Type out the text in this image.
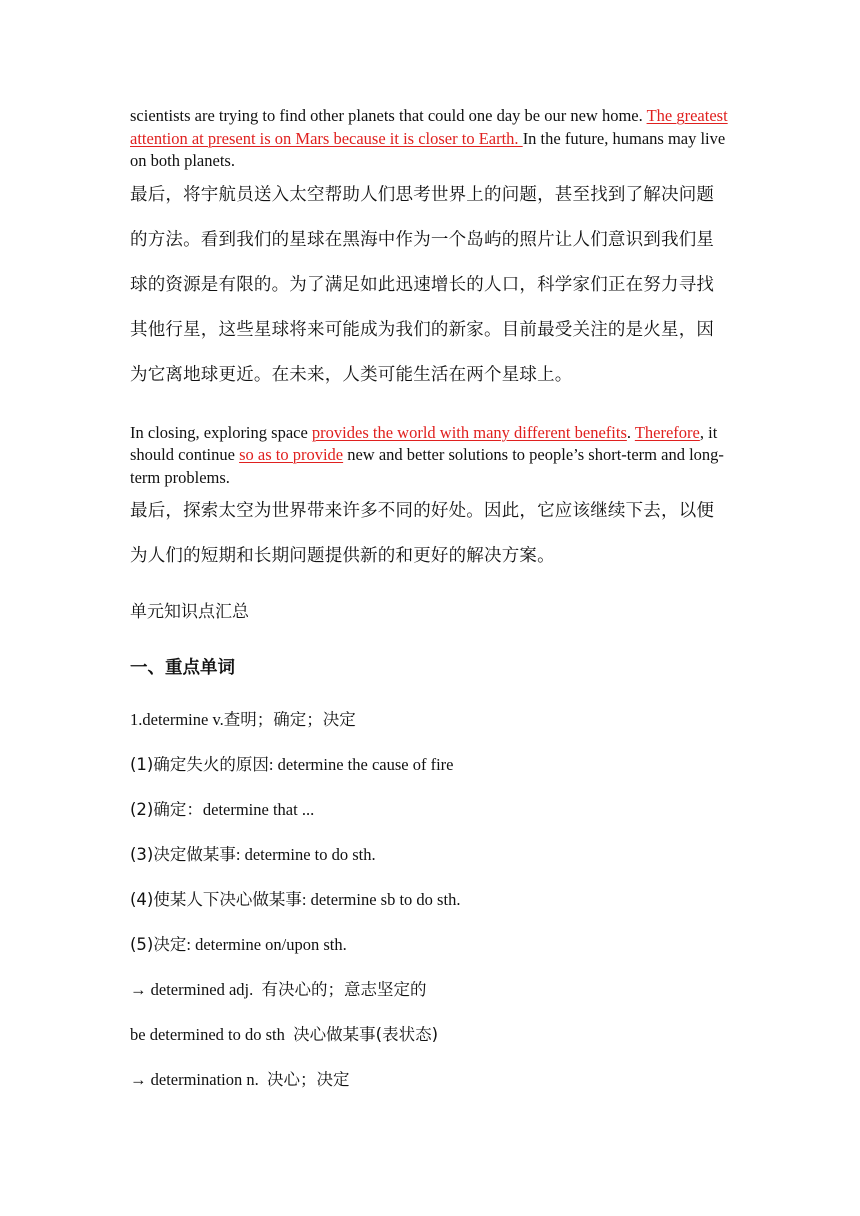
scientists are trying to find other planets that could one day be our new home. The greatest attention at present is on Mars because it is closer to Earth. In the future, humans may live on both planets.

最后，将宇航员送入太空帮助人们思考世界上的问题，甚至找到了解决问题的方法。看到我们的星球在黑海中作为一个岛屿的照片让人们意识到我们星球的资源是有限的。为了满足如此迅速增长的人口，科学家们正在努力寻找其他行星，这些星球将来可能成为我们的新家。目前最受关注的是火星，因为它离地球更近。在未来，人类可能生活在两个星球上。

In closing, exploring space provides the world with many different benefits. Therefore, it should continue so as to provide new and better solutions to people’s short-term and long-term problems.

最后，探索太空为世界带来许多不同的好处。因此，它应该继续下去，以便为人们的短期和长期问题提供新的和更好的解决方案。

单元知识点汇总

一、重点单词

1.determine v.查明；确定；决定

(1)确定失火的原因: determine the cause of fire

(2)确定：determine that ...

(3)决定做某事: determine to do sth.

(4)使某人下决心做某事: determine sb to do sth.

(5)决定: determine on/upon sth.

→ determined adj.  有决心的；意志坚定的

be determined to do sth  决心做某事(表状态)

→ determination n.  决心；决定
